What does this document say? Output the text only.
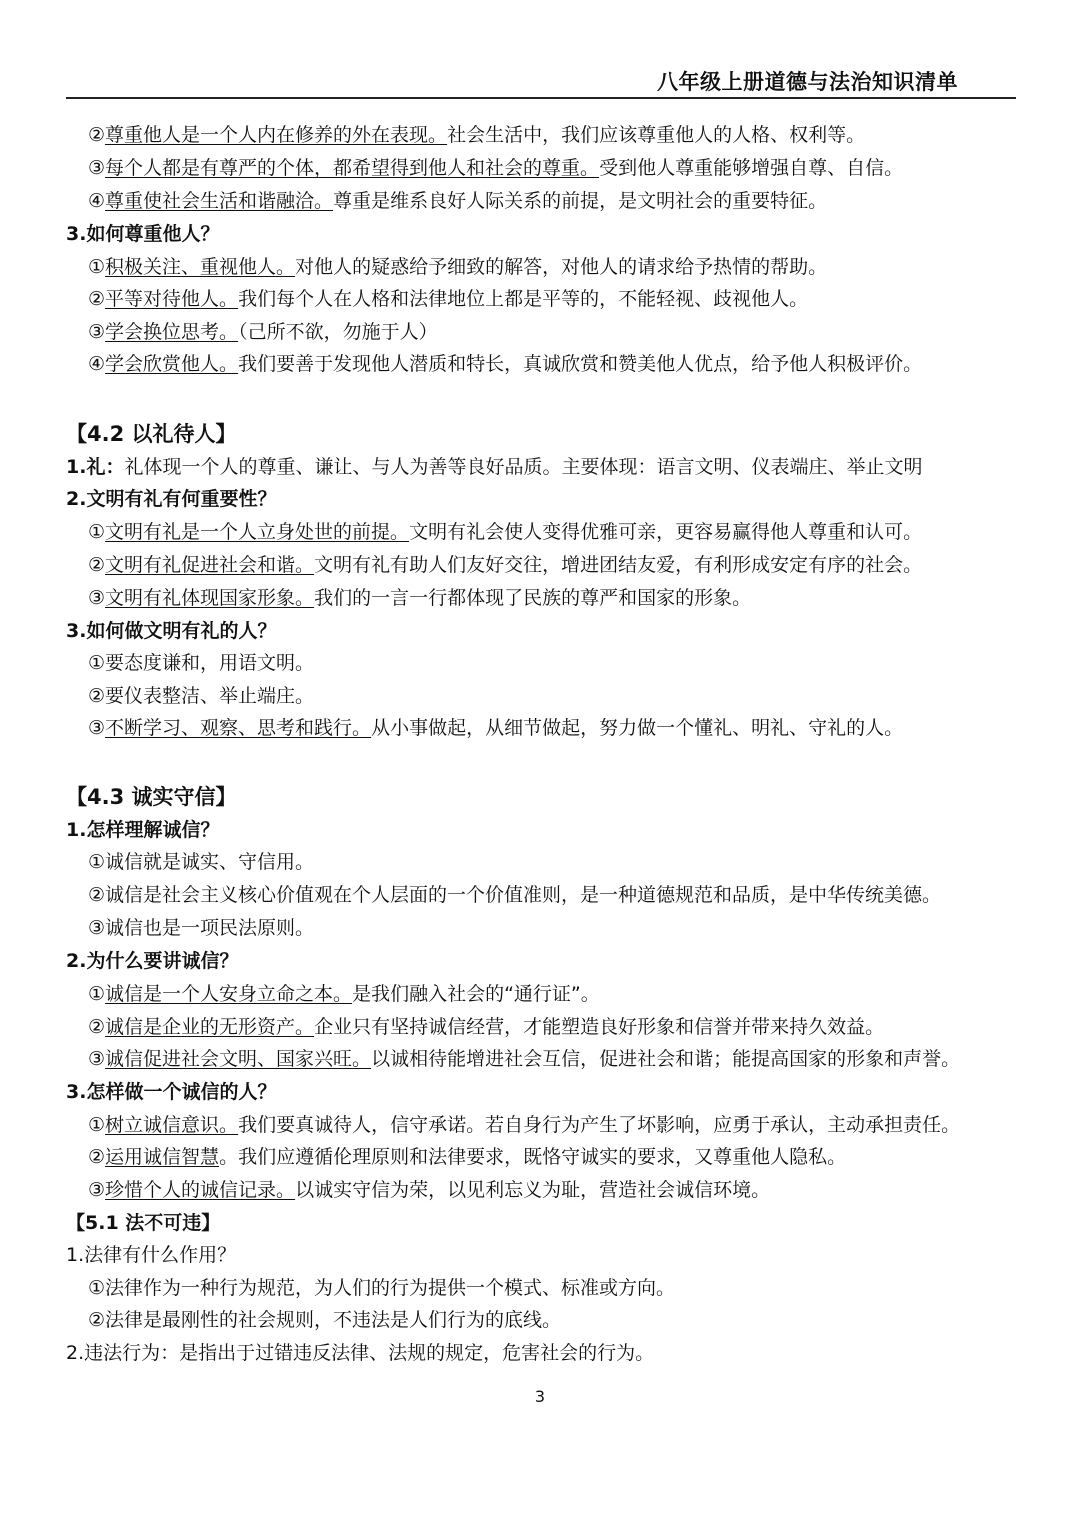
八年级上册道德与法治知识清单
②尊重他人是一个人内在修养的外在表现。社会生活中，我们应该尊重他人的人格、权利等。
③每个人都是有尊严的个体，都希望得到他人和社会的尊重。受到他人尊重能够增强自尊、自信。
④尊重使社会生活和谐融洽。尊重是维系良好人际关系的前提，是文明社会的重要特征。
3.如何尊重他人？
①积极关注、重视他人。对他人的疑惑给予细致的解答，对他人的请求给予热情的帮助。
②平等对待他人。我们每个人在人格和法律地位上都是平等的，不能轻视、歧视他人。
③学会换位思考。（己所不欲，勿施于人）
④学会欣赏他人。我们要善于发现他人潜质和特长，真诚欣赏和赞美他人优点，给予他人积极评价。
【4.2 以礼待人】
1.礼：礼体现一个人的尊重、谦让、与人为善等良好品质。主要体现：语言文明、仪表端庄、举止文明
2.文明有礼有何重要性？
①文明有礼是一个人立身处世的前提。文明有礼会使人变得优雅可亲，更容易赢得他人尊重和认可。
②文明有礼促进社会和谐。文明有礼有助人们友好交往，增进团结友爱，有利形成安定有序的社会。
③文明有礼体现国家形象。我们的一言一行都体现了民族的尊严和国家的形象。
3.如何做文明有礼的人？
①要态度谦和，用语文明。
②要仪表整洁、举止端庄。
③不断学习、观察、思考和践行。从小事做起，从细节做起，努力做一个懂礼、明礼、守礼的人。
【4.3 诚实守信】
1.怎样理解诚信？
①诚信就是诚实、守信用。
②诚信是社会主义核心价值观在个人层面的一个价值准则，是一种道德规范和品质，是中华传统美德。
③诚信也是一项民法原则。
2.为什么要讲诚信？
①诚信是一个人安身立命之本。是我们融入社会的“通行证”。
②诚信是企业的无形资产。企业只有坚持诚信经营，才能塑造良好形象和信誉并带来持久效益。
③诚信促进社会文明、国家兴旺。以诚相待能增进社会互信，促进社会和谐；能提高国家的形象和声誉。
3.怎样做一个诚信的人？
①树立诚信意识。我们要真诚待人，信守承诺。若自身行为产生了坏影响，应勇于承认，主动承担责任。
②运用诚信智慧。我们应遵循伦理原则和法律要求，既恪守诚实的要求，又尊重他人隐私。
③珍惜个人的诚信记录。以诚实守信为荣，以见利忘义为耻，营造社会诚信环境。
【5.1 法不可违】
1.法律有什么作用？
①法律作为一种行为规范，为人们的行为提供一个模式、标准或方向。
②法律是最刚性的社会规则，不违法是人们行为的底线。
2.违法行为：是指出于过错违反法律、法规的规定，危害社会的行为。
3
